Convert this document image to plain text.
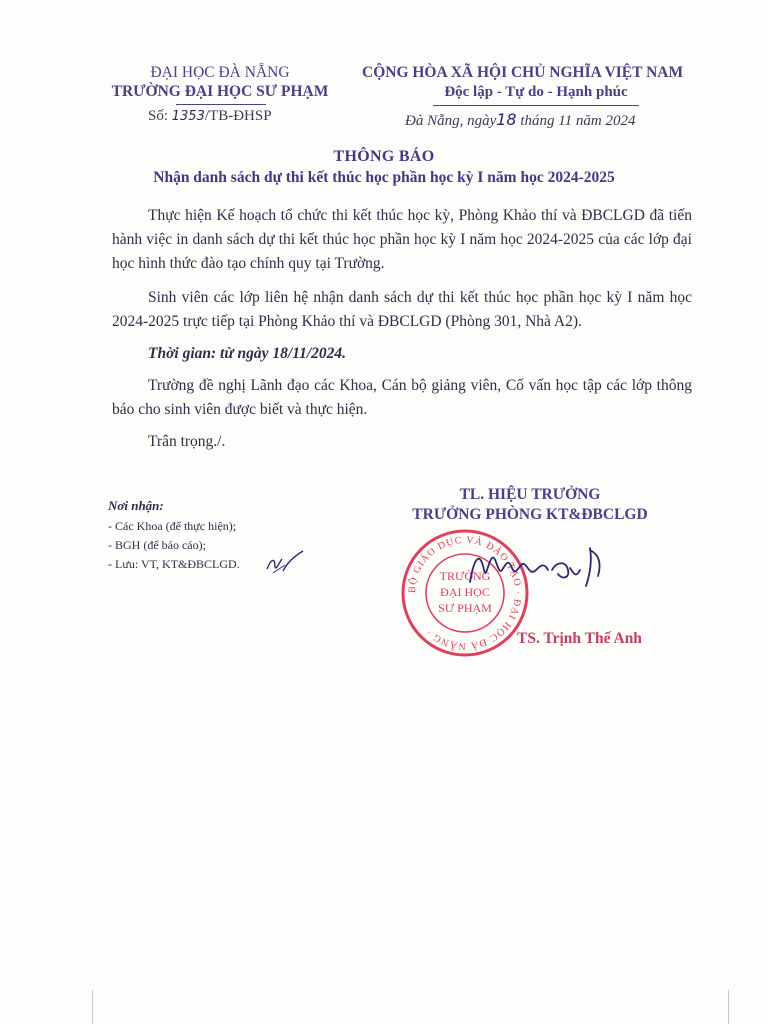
ĐẠI HỌC ĐÀ NẴNG
TRƯỜNG ĐẠI HỌC SƯ PHẠM
Số: 1353/TB-ĐHSP
CỘNG HÒA XÃ HỘI CHỦ NGHĨA VIỆT NAM
Độc lập - Tự do - Hạnh phúc
Đà Nẵng, ngày18 tháng 11 năm 2024
THÔNG BÁO
Nhận danh sách dự thi kết thúc học phần học kỳ I năm học 2024-2025
Thực hiện Kế hoạch tổ chức thi kết thúc học kỳ, Phòng Khảo thí và ĐBCLGD đã tiến hành việc in danh sách dự thi kết thúc học phần học kỳ I năm học 2024-2025 của các lớp đại học hình thức đào tạo chính quy tại Trường.
Sinh viên các lớp liên hệ nhận danh sách dự thi kết thúc học phần học kỳ I năm học 2024-2025 trực tiếp tại Phòng Khảo thí và ĐBCLGD (Phòng 301, Nhà A2).
Thời gian: từ ngày 18/11/2024.
Trường đề nghị Lãnh đạo các Khoa, Cán bộ giảng viên, Cố vấn học tập các lớp thông báo cho sinh viên được biết và thực hiện.
Trân trọng./.
Nơi nhận:
- Các Khoa (để thực hiện);
- BGH (để báo cáo);
- Lưu: VT, KT&ĐBCLGD.
TL. HIỆU TRƯỞNG
TRƯỞNG PHÒNG KT&ĐBCLGD
BỘ GIÁO DỤC VÀ ĐÀO TẠO · ĐẠI HỌC ĐÀ NẴNG ·
TRƯỜNG
ĐẠI HỌC
SƯ PHẠM
TS. Trịnh Thế Anh
